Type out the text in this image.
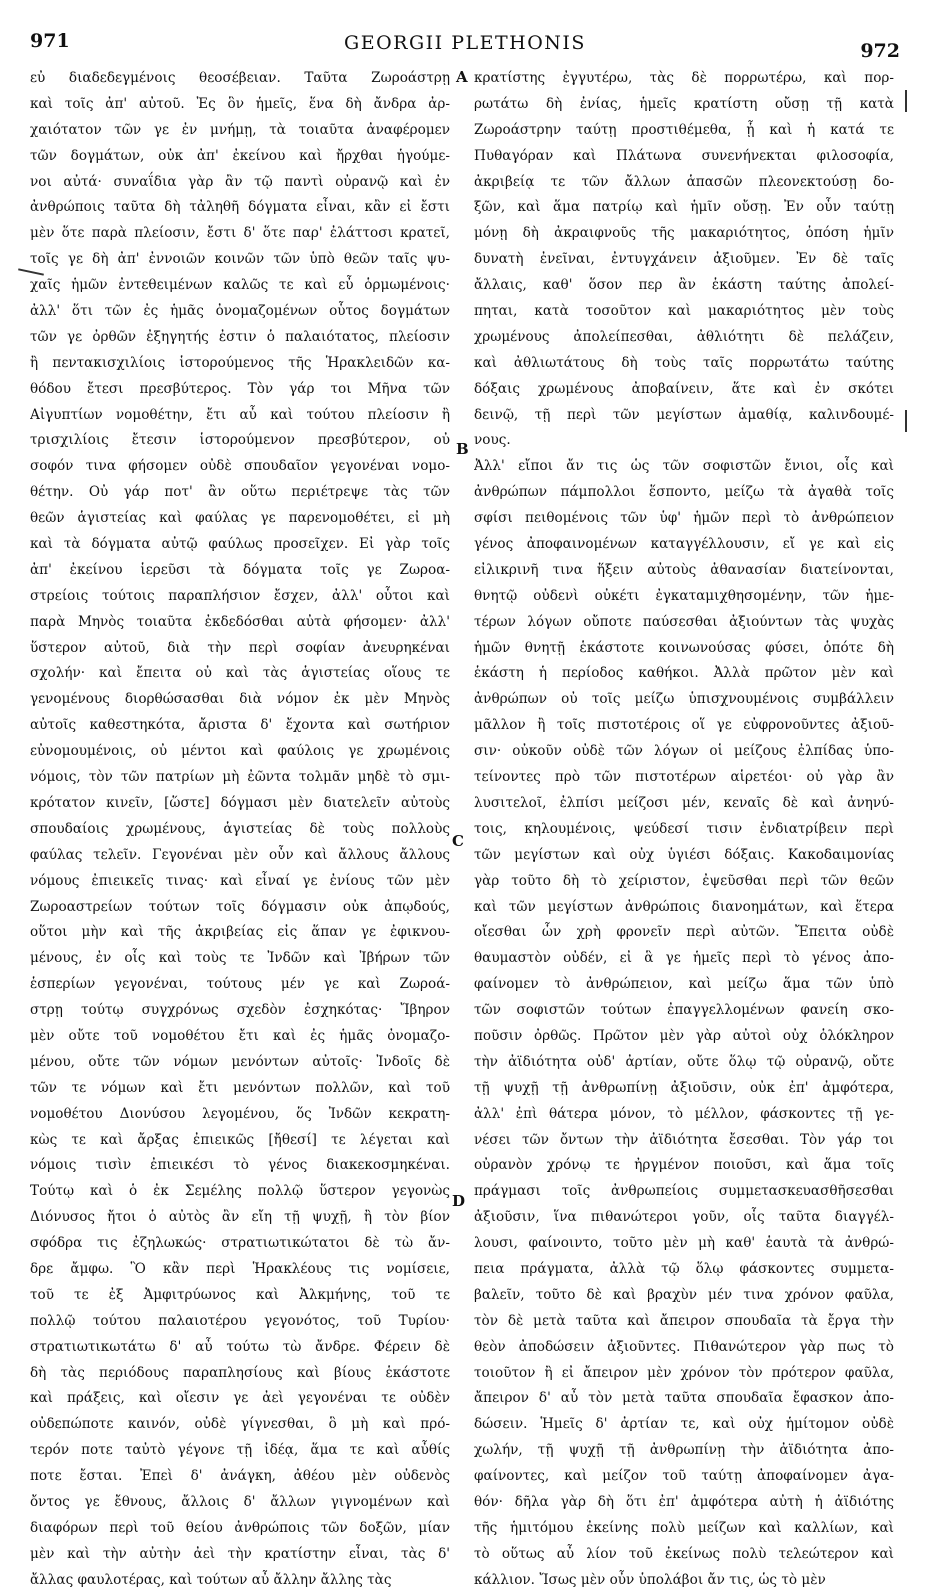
971	GEORGII PLETHONIS	972
εὐ διαδεδεγμένοις θεοσέβειαν. Ταῦτα Ζωροάστρῃ
καὶ τοῖς ἀπ' αὐτοῦ. Ἐς ὃν ἡμεῖς, ἕνα δὴ ἄνδρα ἀρ-
χαιότατον τῶν γε ἐν μνήμῃ, τὰ τοιαῦτα ἀναφέρομεν
τῶν δογμάτων, οὐκ ἀπ' ἐκείνου καὶ ἤρχθαι ἡγούμε-
νοι αὐτά· συναΐδια γὰρ ἂν τῷ παντὶ οὐρανῷ καὶ ἐν
ἀνθρώποις ταῦτα δὴ τἀληθῆ δόγματα εἶναι, κἂν εἰ ἔστι
μὲν ὅτε παρὰ πλείοσιν, ἔστι δ' ὅτε παρ' ἐλάττοσι κρατεῖ,
τοῖς γε δὴ ἀπ' ἐννοιῶν κοινῶν τῶν ὑπὸ θεῶν ταῖς ψυ-
χαῖς ἡμῶν ἐντεθειμένων καλῶς τε καὶ εὖ ὁρμωμένοις·
ἀλλ' ὅτι τῶν ἐς ἡμᾶς ὀνομαζομένων οὗτος δογμάτων
τῶν γε ὀρθῶν ἐξηγητής ἐστιν ὁ παλαιότατος, πλείοσιν
ἢ πεντακισχιλίοις ἱστορούμενος τῆς Ἡρακλειδῶν κα-
θόδου ἔτεσι πρεσβύτερος. Τὸν γάρ τοι Μῆνα τῶν
Αἰγυπτίων νομοθέτην, ἔτι αὖ καὶ τούτου πλείοσιν ἢ
τρισχιλίοις ἔτεσιν ἱστορούμενον πρεσβύτερον, οὐ
σοφόν τινα φήσομεν οὐδὲ σπουδαῖον γεγονέναι νομο-
θέτην. Οὐ γάρ ποτ' ἂν οὕτω περιέτρεψε τὰς τῶν
θεῶν ἁγιστείας καὶ φαύλας γε παρενομοθέτει, εἰ μὴ
καὶ τὰ δόγματα αὐτῷ φαύλως προσεῖχεν. Εἰ γὰρ τοῖς
ἀπ' ἐκείνου ἱερεῦσι τὰ δόγματα τοῖς γε Ζωροα-
στρείοις τούτοις παραπλήσιον ἔσχεν, ἀλλ' οὗτοι καὶ
παρὰ Μηνὸς τοιαῦτα ἐκδεδόσθαι αὐτὰ φήσομεν· ἀλλ'
ὕστερον αὐτοῦ, διὰ τὴν περὶ σοφίαν ἀνευρηκέναι
σχολήν· καὶ ἔπειτα οὐ καὶ τὰς ἁγιστείας οἵους τε
γενομένους διορθώσασθαι διὰ νόμον ἐκ μὲν Μηνὸς
αὐτοῖς καθεστηκότα, ἄριστα δ' ἔχοντα καὶ σωτήριον
εὐνομουμένοις, οὐ μέντοι καὶ φαύλοις γε χρωμένοις
νόμοις, τὸν τῶν πατρίων μὴ ἐῶντα τολμᾶν μηδὲ τὸ σμι-
κρότατον κινεῖν, [ὥστε] δόγμασι μὲν διατελεῖν αὐτοὺς
σπουδαίοις χρωμένους, ἁγιστείας δὲ τοὺς πολλοὺς
φαύλας τελεῖν. Γεγονέναι μὲν οὖν καὶ ἄλλους ἄλλους
νόμους ἐπιεικεῖς τινας· καὶ εἶναί γε ἐνίους τῶν μὲν
Ζωροαστρείων τούτων τοῖς δόγμασιν οὐκ ἀπῳδούς,
οὕτοι μὴν καὶ τῆς ἀκριβείας εἰς ἅπαν γε ἐφικνου-
μένους, ἐν οἷς καὶ τοὺς τε Ἰνδῶν καὶ Ἰβήρων τῶν
ἑσπερίων γεγονέναι, τούτους μέν γε καὶ Ζωροά-
στρῃ τούτῳ συγχρόνως σχεδὸν ἐσχηκότας· Ἴβηρον
μὲν οὔτε τοῦ νομοθέτου ἔτι καὶ ἐς ἡμᾶς ὀνομαζο-
μένου, οὔτε τῶν νόμων μενόντων αὐτοῖς· Ἰνδοῖς δὲ
τῶν τε νόμων καὶ ἔτι μενόντων πολλῶν, καὶ τοῦ
νομοθέτου Διονύσου λεγομένου, ὅς Ἰνδῶν κεκρατη-
κὼς τε καὶ ἄρξας ἐπιεικῶς [ἤθεσί] τε λέγεται καὶ
νόμοις τισὶν ἐπιεικέσι τὸ γένος διακεκοσμηκέναι.
Τούτῳ καὶ ὁ ἐκ Σεμέλης πολλῷ ὕστερον γεγονὼς
Διόνυσος ἤτοι ὁ αὐτὸς ἂν εἴη τῇ ψυχῇ, ἢ τὸν βίον
σφόδρα τις ἐζηλωκώς· στρατιωτικώτατοι δὲ τὼ ἄν-
δρε ἄμφω. Ὃ κἂν περὶ Ἡρακλέους τις νομίσειε,
τοῦ τε ἐξ Ἀμφιτρύωνος καὶ Ἀλκμήνης, τοῦ τε
πολλῷ τούτου παλαιοτέρου γεγονότος, τοῦ Τυρίου·
στρατιωτικωτάτω δ' αὖ τούτω τὼ ἄνδρε. Φέρειν δὲ
δὴ τὰς περιόδους παραπλησίους καὶ βίους ἑκάστοτε
καὶ πράξεις, καὶ οἴεσιν γε ἀεὶ γεγονέναι τε οὐδὲν
οὐδεπώποτε καινόν, οὐδὲ γίγνεσθαι, ὃ μὴ καὶ πρό-
τερόν ποτε ταὐτὸ γέγονε τῇ ἰδέᾳ, ἅμα τε καὶ αὖθίς
ποτε ἔσται. Ἐπεὶ δ' ἀνάγκη, ἀθέου μὲν οὐδενὸς
ὄντος γε ἔθνους, ἄλλοις δ' ἄλλων γιγνομένων καὶ
διαφόρων περὶ τοῦ θείου ἀνθρώποις τῶν δοξῶν, μίαν
μὲν καὶ τὴν αὐτὴν ἀεὶ τὴν κρατίστην εἶναι, τὰς δ'
ἄλλας φαυλοτέρας, καὶ τούτων αὖ ἄλλην ἄλλης τὰς
κρατίστης ἐγγυτέρω, τὰς δὲ πορρωτέρω, καὶ πορ-
ρωτάτω δὴ ἐνίας, ἡμεῖς κρατίστη οὔσῃ τῇ κατὰ
Ζωροάστρην ταύτῃ προστιθέμεθα, ᾗ καὶ ἡ κατά τε
Πυθαγόραν καὶ Πλάτωνα συνενήνεκται φιλοσοφία,
ἀκριβείᾳ τε τῶν ἄλλων ἁπασῶν πλεονεκτούσῃ δο-
ξῶν, καὶ ἅμα πατρίῳ καὶ ἡμῖν οὔσῃ. Ἐν οὖν ταύτῃ
μόνῃ δὴ ἀκραιφνοῦς τῆς μακαριότητος, ὁπόση ἡμῖν
δυνατὴ ἐνεῖναι, ἐντυγχάνειν ἀξιοῦμεν. Ἐν δὲ ταῖς
ἄλλαις, καθ' ὅσον περ ἂν ἑκάστη ταύτης ἀπολεί-
πηται, κατὰ τοσοῦτον καὶ μακαριότητος μὲν τοὺς
χρωμένους ἀπολείπεσθαι, ἀθλιότητι δὲ πελάζειν,
καὶ ἀθλιωτάτους δὴ τοὺς ταῖς πορρωτάτω ταύτης
δόξαις χρωμένους ἀποβαίνειν, ἅτε καὶ ἐν σκότει
δεινῷ, τῇ περὶ τῶν μεγίστων ἀμαθίᾳ, καλινδουμέ-
νους.
Ἀλλ' εἴποι ἄν τις ὡς τῶν σοφιστῶν ἔνιοι, οἷς καὶ
ἀνθρώπων πάμπολλοι ἕσποντο, μείζω τὰ ἀγαθὰ τοῖς
σφίσι πειθομένοις τῶν ὑφ' ἡμῶν περὶ τὸ ἀνθρώπειον
γένος ἀποφαινομένων καταγγέλλουσιν, εἴ γε καὶ εἰς
εἰλικρινῆ τινα ἥξειν αὐτοὺς ἀθανασίαν διατείνονται,
θνητῷ οὐδενὶ οὐκέτι ἐγκαταμιχθησομένην, τῶν ἡμε-
τέρων λόγων οὔποτε παύσεσθαι ἀξιούντων τὰς ψυχὰς
ἡμῶν θνητῇ ἑκάστοτε κοινωνούσας φύσει, ὁπότε δὴ
ἑκάστη ἡ περίοδος καθήκοι. Ἀλλὰ πρῶτον μὲν καὶ
ἀνθρώπων οὐ τοῖς μείζω ὑπισχνουμένοις συμβάλλειν
μᾶλλον ἢ τοῖς πιστοτέροις οἵ γε εὐφρονοῦντες ἀξιοῦ-
σιν· οὐκοῦν οὐδὲ τῶν λόγων οἱ μείζους ἐλπίδας ὑπο-
τείνοντες πρὸ τῶν πιστοτέρων αἱρετέοι· οὐ γὰρ ἂν
λυσιτελοῖ, ἐλπίσι μείζοσι μέν, κεναῖς δὲ καὶ ἀνηνύ-
τοις, κηλουμένοις, ψεύδεσί τισιν ἐνδιατρίβειν περὶ
τῶν μεγίστων καὶ οὐχ ὑγιέσι δόξαις. Κακοδαιμονίας
γὰρ τοῦτο δὴ τὸ χείριστον, ἐψεῦσθαι περὶ τῶν θεῶν
καὶ τῶν μεγίστων ἀνθρώποις διανοημάτων, καὶ ἕτερα
οἴεσθαι ὧν χρὴ φρονεῖν περὶ αὐτῶν. Ἔπειτα οὐδὲ
θαυμαστὸν οὐδέν, εἰ ἃ γε ἡμεῖς περὶ τὸ γένος ἀπο-
φαίνομεν τὸ ἀνθρώπειον, καὶ μείζω ἅμα τῶν ὑπὸ
τῶν σοφιστῶν τούτων ἐπαγγελλομένων φανείη σκο-
ποῦσιν ὀρθῶς. Πρῶτον μὲν γὰρ αὐτοὶ οὐχ ὁλόκληρον
τὴν ἀϊδιότητα οὐδ' ἀρτίαν, οὔτε ὅλῳ τῷ οὐρανῷ, οὔτε
τῇ ψυχῇ τῇ ἀνθρωπίνῃ ἀξιοῦσιν, οὐκ ἐπ' ἀμφότερα,
ἀλλ' ἐπὶ θάτερα μόνον, τὸ μέλλον, φάσκοντες τῇ γε-
νέσει τῶν ὄντων τὴν ἀϊδιότητα ἔσεσθαι. Τὸν γάρ τοι
οὐρανὸν χρόνῳ τε ἠργμένον ποιοῦσι, καὶ ἅμα τοῖς
πράγμασι τοῖς ἀνθρωπείοις συμμετασκευασθῆσεσθαι
ἀξιοῦσιν, ἵνα πιθανώτεροι γοῦν, οἷς ταῦτα διαγγέλ-
λουσι, φαίνοιντο, τοῦτο μὲν μὴ καθ' ἑαυτὰ τὰ ἀνθρώ-
πεια πράγματα, ἀλλὰ τῷ ὅλῳ φάσκοντες συμμετα-
βαλεῖν, τοῦτο δὲ καὶ βραχὺν μέν τινα χρόνον φαῦλα,
τὸν δὲ μετὰ ταῦτα καὶ ἄπειρον σπουδαῖα τὰ ἔργα τὴν
θεὸν ἀποδώσειν ἀξιοῦντες. Πιθανώτερον γὰρ πως τὸ
τοιοῦτον ἢ εἰ ἄπειρον μὲν χρόνον τὸν πρότερον φαῦλα,
ἄπειρον δ' αὖ τὸν μετὰ ταῦτα σπουδαῖα ἔφασκον ἀπο-
δώσειν. Ἡμεῖς δ' ἀρτίαν τε, καὶ οὐχ ἡμίτομον οὐδὲ
χωλήν, τῇ ψυχῇ τῇ ἀνθρωπίνῃ τὴν ἀϊδιότητα ἀπο-
φαίνοντες, καὶ μείζον τοῦ ταύτῃ ἀποφαίνομεν ἀγα-
θόν· δῆλα γὰρ δὴ ὅτι ἐπ' ἀμφότερα αὐτὴ ἡ ἀϊδιότης
τῆς ἡμιτόμου ἐκείνης πολὺ μείζων καὶ καλλίων, καὶ
τὸ οὕτως αὖ λίον τοῦ ἐκείνως πολὺ τελεώτερον καὶ
κάλλιον. Ἴσως μὲν οὖν ὑπολάβοι ἄν τις, ὡς τὸ μὲν
A
B
C
D
